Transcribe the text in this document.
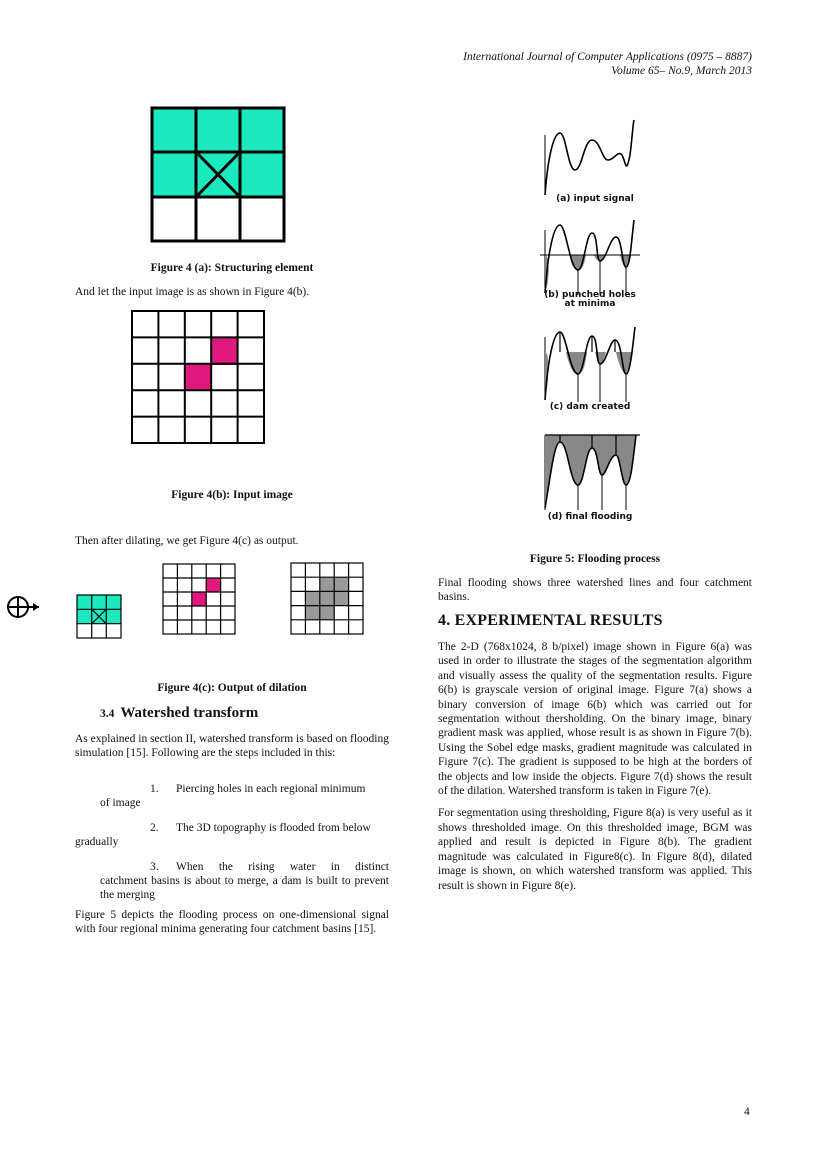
International Journal of Computer Applications (0975 – 8887)
Volume 65– No.9, March 2013
Figure 4 (a): Structuring element
And let the input image is as shown in Figure 4(b).
Figure 4(b): Input image
Then after dilating, we get Figure 4(c) as output.
Figure 4(c): Output of dilation
3.4 Watershed transform
As explained in section II, watershed transform is based on flooding simulation [15]. Following are the steps included in this:
1. Piercing holes in each regional minimum
of image
2. The 3D topography is flooded from below
gradually
3. When the rising water in distinct
catchment basins is about to merge, a dam is built to prevent the merging
Figure 5 depicts the flooding process on one-dimensional signal with four regional minima generating four catchment basins [15].
(a) input signal
(b) punched holes
at minima
(c) dam created
(d) final flooding
Figure 5: Flooding process
Final flooding shows three watershed lines and four catchment basins.
4. EXPERIMENTAL RESULTS

The 2-D (768x1024, 8 b/pixel) image shown in Figure 6(a) was used in order to illustrate the stages of the segmentation algorithm and visually assess the quality of the segmentation results. Figure 6(b) is grayscale version of original image. Figure 7(a) shows a binary conversion of image 6(b) which was carried out for segmentation without thersholding. On the binary image, binary gradient mask was applied, whose result is as shown in Figure 7(b). Using the Sobel edge masks, gradient magnitude was calculated in Figure 7(c). The gradient is supposed to be high at the borders of the objects and low inside the objects. Figure 7(d) shows the result of the dilation. Watershed transform is taken in Figure 7(e).

For segmentation using thresholding, Figure 8(a) is very useful as it shows thresholded image. On this thresholded image, BGM was applied and result is depicted in Figure 8(b). The gradient magnitude was calculated in Figure8(c). In Figure 8(d), dilated image is shown, on which watershed transform was applied. This result is shown in Figure 8(e).

4
